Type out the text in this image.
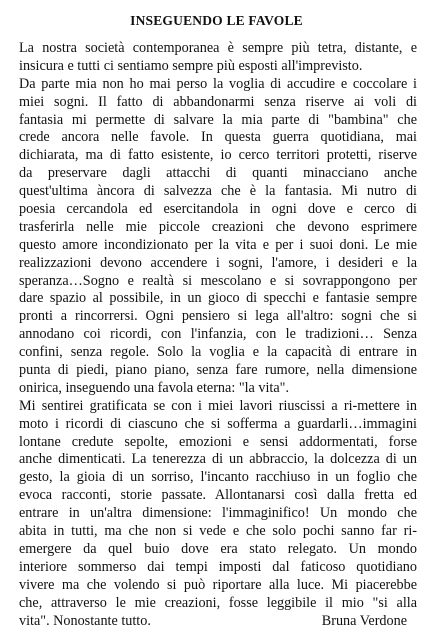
INSEGUENDO LE FAVOLE
La nostra società contemporanea è sempre più tetra, distante, e
insicura e tutti ci sentiamo sempre più esposti all'imprevisto.
Da parte mia non ho mai perso la voglia di accudire e coccolare i
miei sogni. Il fatto di abbandonarmi senza riserve ai voli di
fantasia mi permette di salvare la mia parte di "bambina" che
crede ancora nelle favole. In questa guerra quotidiana, mai
dichiarata, ma di fatto esistente, io cerco territori protetti, riserve
da preservare dagli attacchi di quanti minacciano anche
quest'ultima àncora di salvezza che è la fantasia. Mi nutro di
poesia cercandola ed esercitandola in ogni dove e cerco di
trasferirla nelle mie piccole creazioni che devono esprimere
questo amore incondizionato per la vita e per i suoi doni. Le mie
realizzazioni devono accendere i sogni, l'amore, i desideri e la
speranza…Sogno e realtà si mescolano e si sovrappongono per
dare spazio al possibile, in un gioco di specchi e fantasie sempre
pronti a rincorrersi. Ogni pensiero si lega all'altro: sogni che si
annodano coi ricordi, con l'infanzia, con le tradizioni… Senza
confini, senza regole. Solo la voglia e la capacità di entrare in
punta di piedi, piano piano, senza fare rumore, nella dimensione
onirica, inseguendo una favola eterna: "la vita".
Mi sentirei gratificata se con i miei lavori riuscissi a ri-mettere in
moto i ricordi di ciascuno che si sofferma a guardarli…immagini
lontane credute sepolte, emozioni e sensi addormentati, forse
anche dimenticati. La tenerezza di un abbraccio, la dolcezza di un
gesto, la gioia di un sorriso, l'incanto racchiuso in un foglio che
evoca racconti, storie passate. Allontanarsi così dalla fretta ed
entrare in un'altra dimensione: l'immaginifico! Un mondo che
abita in tutti, ma che non si vede e che solo pochi sanno far ri-
emergere da quel buio dove era stato relegato. Un mondo
interiore sommerso dai tempi imposti dal faticoso quotidiano
vivere ma che volendo si può riportare alla luce. Mi piacerebbe
che, attraverso le mie creazioni, fosse leggibile il mio "si alla
vita". Nonostante tutto.	Bruna Verdone
